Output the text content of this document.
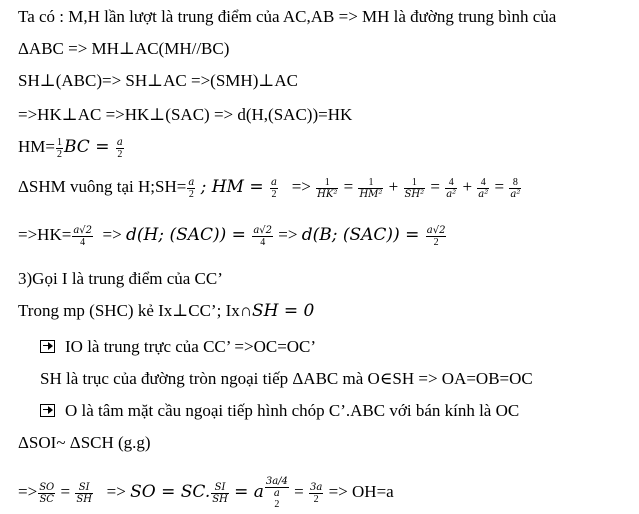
Ta có : M,H lần lượt là trung điểm của AC,AB => MH là đường trung bình của
ΔABC => MH⊥AC(MH//BC)
SH⊥(ABC)=> SH⊥AC =>(SMH)⊥AC
=>HK⊥AC =>HK⊥(SAC) => d(H,(SAC))=HK
$HM= \frac{1}{2}$ BC = $\frac{a}{2}$
ΔSHM vuông tại H;SH= $\frac{a}{2}$ ; HM = $\frac{a}{2} => \frac{1}{\text{HK²}} = \frac{1}{\text{HM²}} + \frac{1}{\text{SH²}} = \frac{4}{\text{a²}} + \frac{4}{\text{a²}} = \frac{8}{\text{a²}}$
$=>HK= \frac{a√2}{4} => d(H$; $(SAC)) = \frac{a√2}{4} => d(B$; $(SAC)) = \frac{a√2}{2}$
3)Gọi I là trung điểm của CC’
Trong mp (SHC) kẻ Ix⊥CC’; Ix∩SH = 0
IO là trung trực của CC’ =>OC=OC’
SH là trục của đường tròn ngoại tiếp ΔABC mà O∈SH => OA=OB=OC
O là tâm mặt cầu ngoại tiếp hình chóp C’.ABC với bán kính là OC
ΔSOI~ ΔSCH (g.g)
=> $\frac{SO}{SC} = \frac{SI}{SH}$ => SO = SC. $\frac{SI}{SH} = a$
3a/4
a
2
= $\frac{3a}{2} => OH=a$
